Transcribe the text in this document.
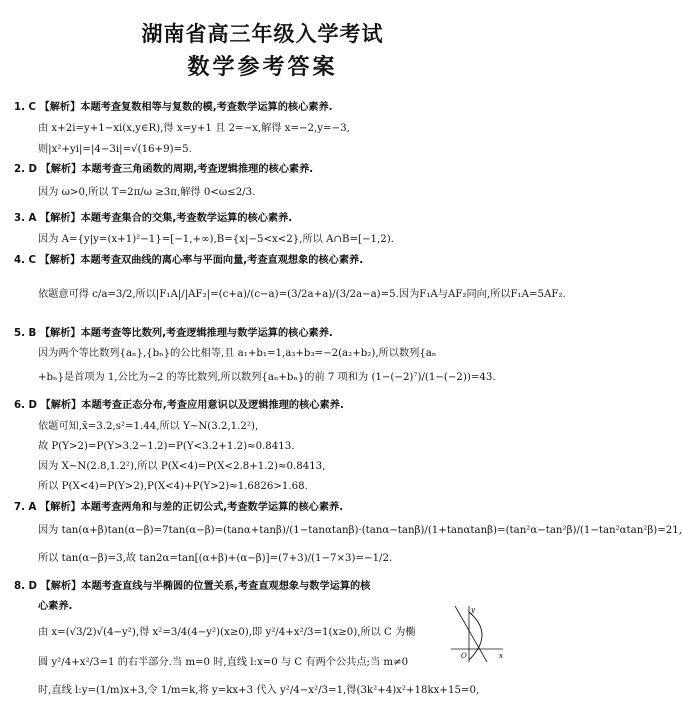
湖南省高三年级入学考试
数学参考答案
1. C 【解析】本题考查复数相等与复数的模,考查数学运算的核心素养.
由 x+2i=y+1−xi(x,y∈R),得 x=y+1 且 2=−x,解得 x=−2,y=−3,
则|x²+yi|=|4−3i|=√(16+9)=5.
2. D 【解析】本题考查三角函数的周期,考查逻辑推理的核心素养.
因为 ω>0,所以 T=2π/ω ≥3π,解得 0<ω≤2/3.
3. A 【解析】本题考查集合的交集,考查数学运算的核心素养.
因为 A={y|y=(x+1)²−1}=[−1,+∞),B={x|−5<x<2},所以 A∩B=[−1,2).
4. C 【解析】本题考查双曲线的离心率与平面向量,考查直观想象的核心素养.
依题意可得 c/a=3/2,所以|F₁A|/|AF₂|=(c+a)/(c−a)=(3/2a+a)/(3/2a−a)=5.因为F₁A与AF₂同向,所以F₁A=5AF₂.
5. B 【解析】本题考查等比数列,考查逻辑推理与数学运算的核心素养.
因为两个等比数列{aₙ},{bₙ}的公比相等,且 a₁+b₁=1,a₃+b₃=−2(a₂+b₂),所以数列{aₙ
+bₙ}是首项为 1,公比为−2 的等比数列,所以数列{aₙ+bₙ}的前 7 项和为 (1−(−2)⁷)/(1−(−2))=43.
6. D 【解析】本题考查正态分布,考查应用意识以及逻辑推理的核心素养.
依题可知,x̄=3.2,s²=1.44,所以 Y~N(3.2,1.2²),
故 P(Y>2)=P(Y>3.2−1.2)=P(Y<3.2+1.2)≈0.8413.
因为 X~N(2.8,1.2²),所以 P(X<4)=P(X<2.8+1.2)≈0.8413,
所以 P(X<4)=P(Y>2),P(X<4)+P(Y>2)≈1.6826>1.68.
7. A 【解析】本题考查两角和与差的正切公式,考查数学运算的核心素养.
因为 tan(α+β)tan(α−β)=7tan(α−β)=(tanα+tanβ)/(1−tanαtanβ)·(tanα−tanβ)/(1+tanαtanβ)=(tan²α−tan²β)/(1−tan²αtan²β)=21,
所以 tan(α−β)=3,故 tan2α=tan[(α+β)+(α−β)]=(7+3)/(1−7×3)=−1/2.
8. D 【解析】本题考查直线与半椭圆的位置关系,考查直观想象与数学运算的核
心素养.
由 x=(√3/2)√(4−y²),得 x²=3/4(4−y²)(x≥0),即 y²/4+x²/3=1(x≥0),所以 C 为椭
圆 y²/4+x²/3=1 的右半部分.当 m=0 时,直线 l:x=0 与 C 有两个公共点;当 m≠0
时,直线 l:y=(1/m)x+3,令 1/m=k,将 y=kx+3 代入 y²/4−x²/3=1,得(3k²+4)x²+18kx+15=0,
y
x
O
